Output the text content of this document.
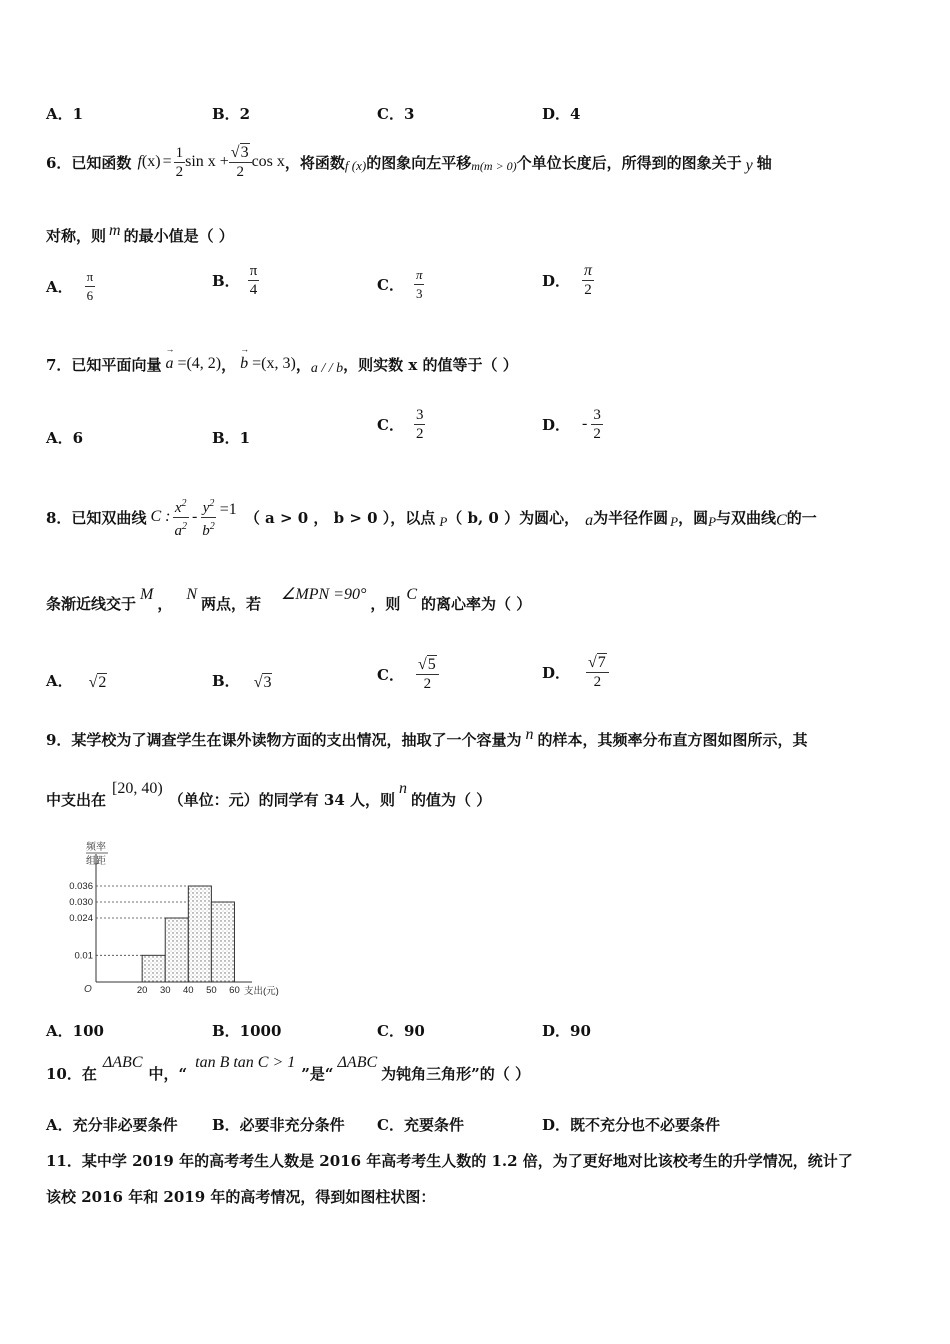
A．1	B．2	C．3	D．4
6．已知函数 f $(x) = \frac{1}{2}$ $\sin x + \frac{√3}{2}$ cos x ，将函数 f (x) 的图象向左平移 m(m > 0) 个单位长度后，所得到的图象关于 y 轴
对称，则 m 的最小值是（ ）
A． $\frac{\pi}{6}$	B． $\frac{\pi}{4}$	C． $\frac{\pi}{3}$	D． $\frac{\pi}{2}$
7．已知平面向量 → a =(4, 2) ， → b =(x, 3) ， a / / b ，则实数 x 的值等于（ ）
A．6	B．1
C． $\frac{3}{2}$	D． - $\frac{3}{2}$
8．已知双曲线 C : $\frac{x^2}{a^2} - \frac{y^2}{b^2} =1$ （ a > 0 ， b > 0 ），以点 P （ b, 0 ）为圆心， a 为半径作圆 P ，圆 P 与双曲线 C 的一
条渐近线交于
M
，
N
两点，若
∠MPN =90°
，则
C
的离心率为（ ）
A． √2	B． √3	C． $\frac{√5}{2}$	D． $\frac{√7}{2}$
9．某学校为了调查学生在课外读物方面的支出情况，抽取了一个容量为 n 的样本，其频率分布直方图如图所示，其
中支出在
[20, 40)
（单位：元）的同学有 34 人，则
n
的值为（ ）
频率
组距
O
0.036
0.030
0.024
0.01
20 30 40 50 60 支出(元)
A．100	B．1000	C．90	D．90
10．在
ΔABC
中，“
tan B tan C > 1
”是“
ΔABC
为钝角三角形”的（ ）
A．充分非必要条件 B．必要非充分条件 C．充要条件	D．既不充分也不必要条件
11．某中学 2019 年的高考考生人数是 2016 年高考考生人数的 1.2 倍，为了更好地对比该校考生的升学情况，统计了
该校 2016 年和 2019 年的高考情况，得到如图柱状图：
